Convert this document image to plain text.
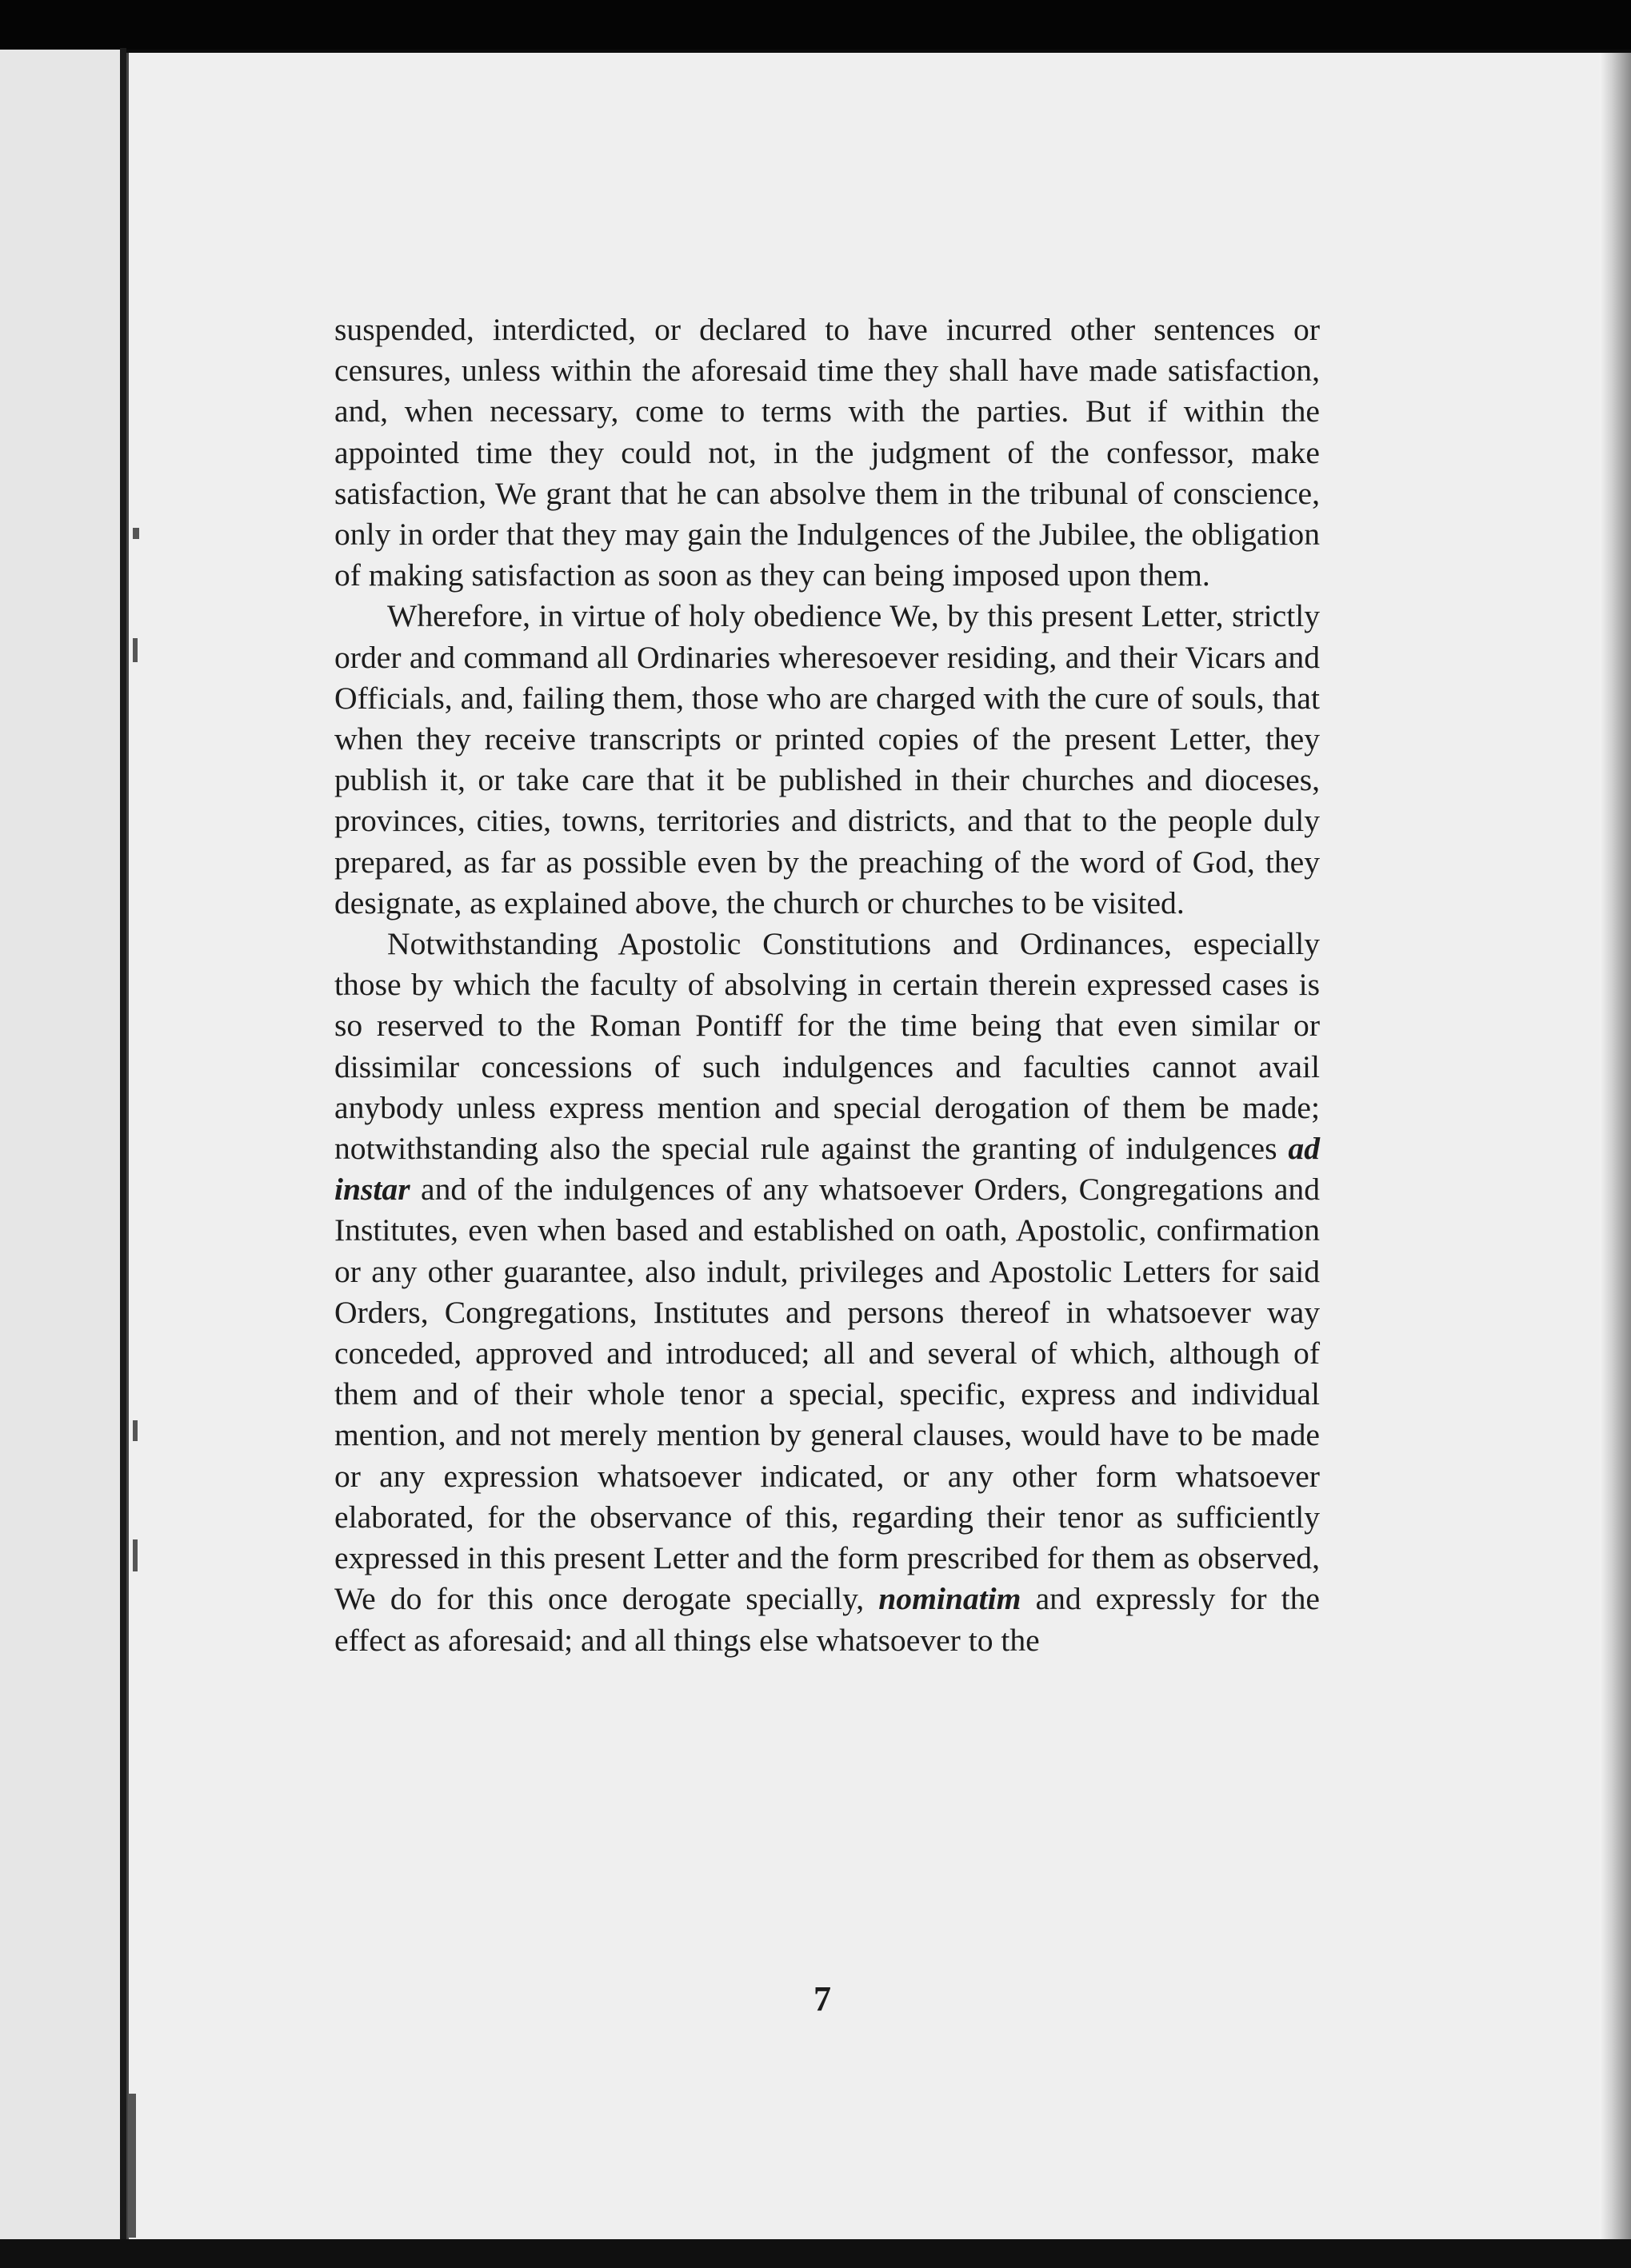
suspended, interdicted, or declared to have incurred other sentences or censures, unless within the aforesaid time they shall have made satisfaction, and, when necessary, come to terms with the parties. But if within the appointed time they could not, in the judgment of the confessor, make satisfaction, We grant that he can absolve them in the tribunal of conscience, only in order that they may gain the Indulgences of the Jubilee, the obligation of making satisfaction as soon as they can being imposed upon them.

Wherefore, in virtue of holy obedience We, by this present Letter, strictly order and command all Ordinaries wheresoever residing, and their Vicars and Officials, and, failing them, those who are charged with the cure of souls, that when they receive transcripts or printed copies of the present Letter, they publish it, or take care that it be published in their churches and dioceses, provinces, cities, towns, territories and districts, and that to the people duly prepared, as far as possible even by the preaching of the word of God, they designate, as explained above, the church or churches to be visited.

Notwithstanding Apostolic Constitutions and Ordinances, especially those by which the faculty of absolving in certain therein expressed cases is so reserved to the Roman Pontiff for the time being that even similar or dissimilar concessions of such indulgences and faculties cannot avail anybody unless express mention and special derogation of them be made; notwithstanding also the special rule against the granting of indulgences ad instar and of the indulgences of any whatsoever Orders, Congregations and Institutes, even when based and established on oath, Apostolic, confirmation or any other guarantee, also indult, privileges and Apostolic Letters for said Orders, Congregations, Institutes and persons thereof in whatsoever way conceded, approved and introduced; all and several of which, although of them and of their whole tenor a special, specific, express and individual mention, and not merely mention by general clauses, would have to be made or any expression whatsoever indicated, or any other form whatsoever elaborated, for the observance of this, regarding their tenor as sufficiently expressed in this present Letter and the form prescribed for them as observed, We do for this once derogate specially, nominatim and expressly for the effect as aforesaid; and all things else whatsoever to the

7
